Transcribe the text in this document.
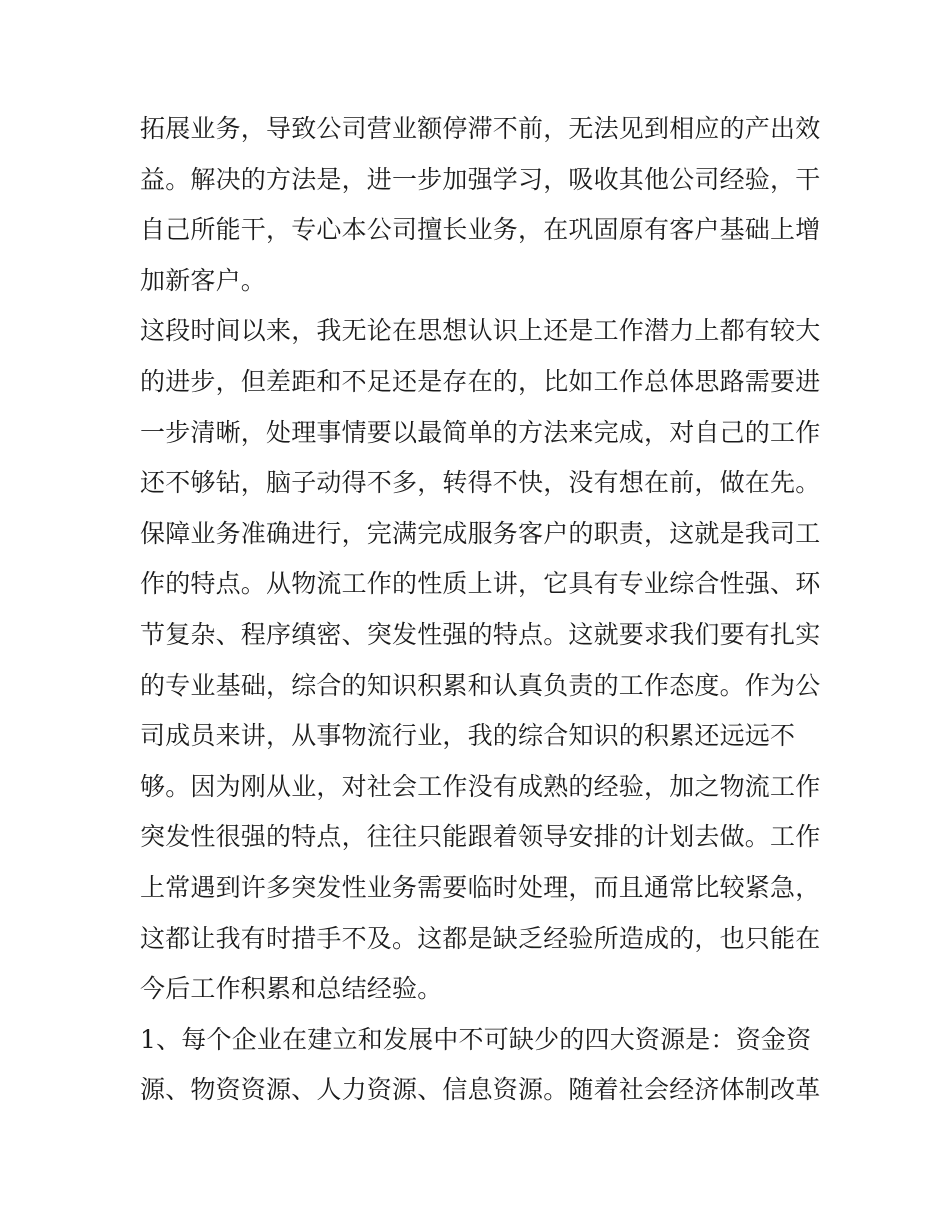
拓展业务，导致公司营业额停滞不前，无法见到相应的产出效
益。解决的方法是，进一步加强学习，吸收其他公司经验，干
自己所能干，专心本公司擅长业务，在巩固原有客户基础上增
加新客户。
这段时间以来，我无论在思想认识上还是工作潜力上都有较大
的进步，但差距和不足还是存在的，比如工作总体思路需要进
一步清晰，处理事情要以最简单的方法来完成，对自己的工作
还不够钻，脑子动得不多，转得不快，没有想在前，做在先。
保障业务准确进行，完满完成服务客户的职责，这就是我司工
作的特点。从物流工作的性质上讲，它具有专业综合性强、环
节复杂、程序缜密、突发性强的特点。这就要求我们要有扎实
的专业基础，综合的知识积累和认真负责的工作态度。作为公
司成员来讲，从事物流行业，我的综合知识的积累还远远不
够。因为刚从业，对社会工作没有成熟的经验，加之物流工作
突发性很强的特点，往往只能跟着领导安排的计划去做。工作
上常遇到许多突发性业务需要临时处理，而且通常比较紧急，
这都让我有时措手不及。这都是缺乏经验所造成的，也只能在
今后工作积累和总结经验。
1、每个企业在建立和发展中不可缺少的四大资源是：资金资
源、物资资源、人力资源、信息资源。随着社会经济体制改革
